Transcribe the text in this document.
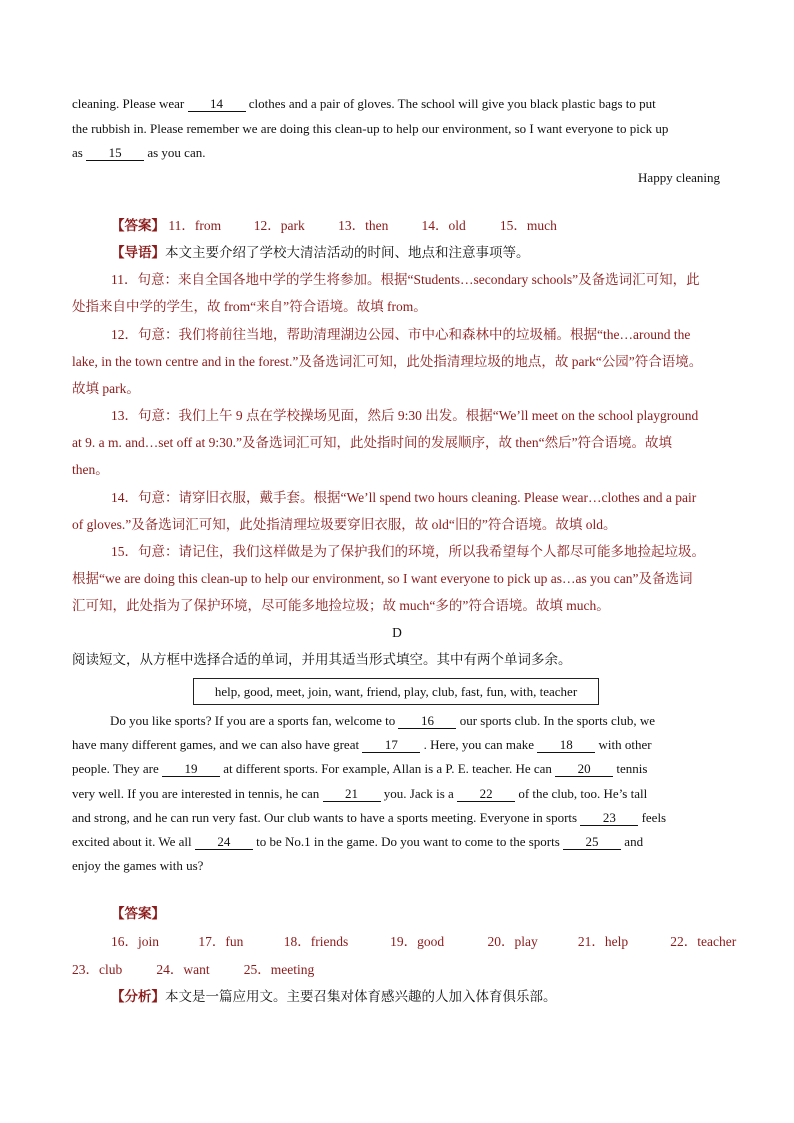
cleaning. Please wear 14 clothes and a pair of gloves. The school will give you black plastic bags to put
the rubbish in. Please remember we are doing this clean-up to help our environment, so I want everyone to pick up
as 15 as you can.
Happy cleaning
【答案】 11．from 12．park 13．then 14．old	15．much
【导语】本文主要介绍了学校大清洁活动的时间、地点和注意事项等。
11．句意：来自全国各地中学的学生将参加。根据“Students…secondary schools”及备选词汇可知，此
处指来自中学的学生，故 from“来自”符合语境。故填 from。
12．句意：我们将前往当地，帮助清理湖边公园、市中心和森林中的垃圾桶。根据“the…around the
lake, in the town centre and in the forest.”及备选词汇可知，此处指清理垃圾的地点，故 park“公园”符合语境。
故填 park。
13．句意：我们上午 9 点在学校操场见面，然后 9:30 出发。根据“We’ll meet on the school playground
at 9. a m. and…set off at 9:30.”及备选词汇可知，此处指时间的发展顺序，故 then“然后”符合语境。故填
then。
14．句意：请穿旧衣服，戴手套。根据“We’ll spend two hours cleaning. Please wear…clothes and a pair
of gloves.”及备选词汇可知，此处指清理垃圾要穿旧衣服，故 old“旧的”符合语境。故填 old。
15．句意：请记住，我们这样做是为了保护我们的环境，所以我希望每个人都尽可能多地捡起垃圾。
根据“we are doing this clean-up to help our environment, so I want everyone to pick up as…as you can”及备选词
汇可知，此处指为了保护环境，尽可能多地捡垃圾；故 much“多的”符合语境。故填 much。
D
阅读短文，从方框中选择合适的单词，并用其适当形式填空。其中有两个单词多余。
help, good, meet, join, want, friend, play, club, fast, fun, with, teacher
Do you like sports? If you are a sports fan, welcome to 16 our sports club. In the sports club, we
have many different games, and we can also have great 17 . Here, you can make 18 with other
people. They are 19 at different sports. For example, Allan is a P. E. teacher. He can 20 tennis
very well. If you are interested in tennis, he can 21 you. Jack is a 22 of the club, too. He’s tall
and strong, and he can run very fast. Our club wants to have a sports meeting. Everyone in sports 23 feels
excited about it. We all 24 to be No.1 in the game. Do you want to come to the sports 25 and
enjoy the games with us?
【答案】
16．join	17．fun	18．friends	19．good	20．play	21．help	22．teacher
23．club	24．want	25．meeting
【分析】本文是一篇应用文。主要召集对体育感兴趣的人加入体育俱乐部。
